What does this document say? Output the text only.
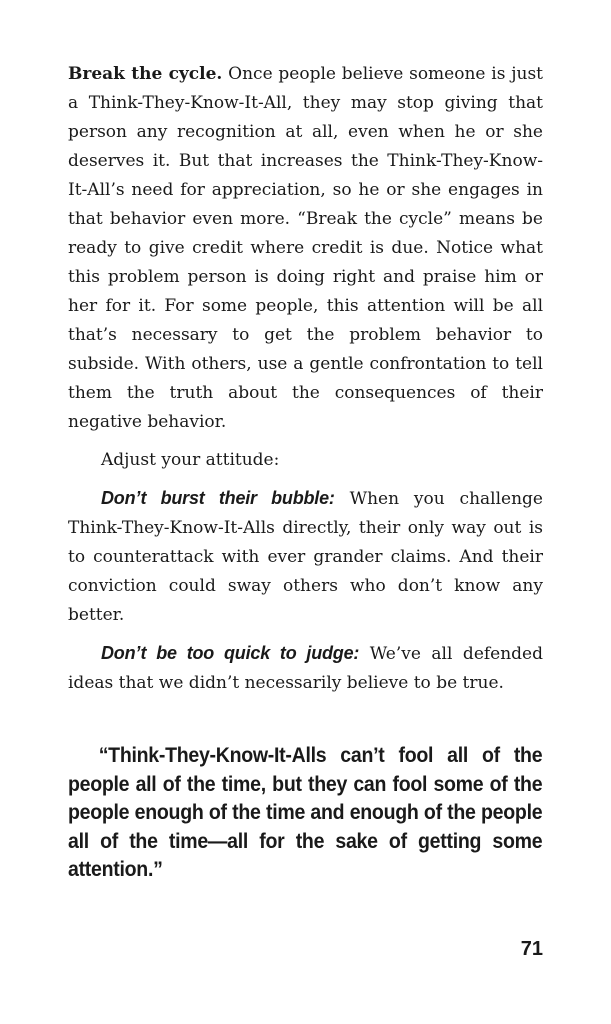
Break the cycle. Once people believe someone is just a Think-They-Know-It-All, they may stop giving that person any recognition at all, even when he or she deserves it. But that increases the Think-They-Know-It-All’s need for appreciation, so he or she engages in that behavior even more. “Break the cycle” means be ready to give credit where credit is due. Notice what this problem person is doing right and praise him or her for it. For some people, this attention will be all that’s necessary to get the problem behavior to subside. With others, use a gentle confrontation to tell them the truth about the consequences of their negative behavior.

Adjust your attitude:

Don’t burst their bubble: When you challenge Think-They-Know-It-Alls directly, their only way out is to counterattack with ever grander claims. And their conviction could sway others who don’t know any better.

Don’t be too quick to judge: We’ve all defended ideas that we didn’t necessarily believe to be true.

“Think-They-Know-It-Alls can’t fool all of the people all of the time, but they can fool some of the people enough of the time and enough of the people all of the time—all for the sake of getting some attention.”

71
